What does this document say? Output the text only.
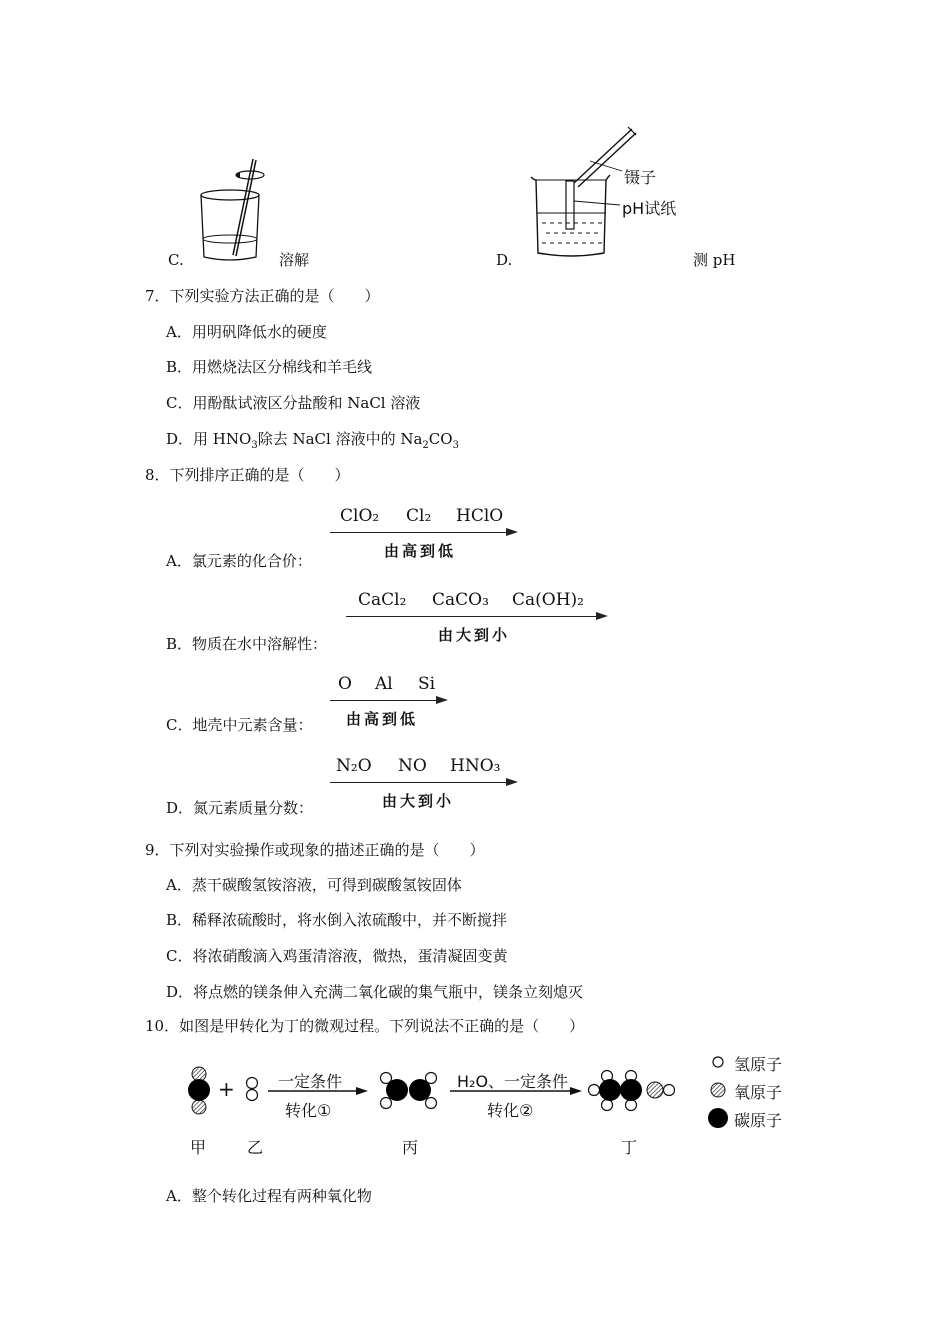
C.	溶解
镊子
pH试纸
D.	测 pH
7．下列实验方法正确的是（　　）
A．用明矾降低水的硬度
B．用燃烧法区分棉线和羊毛线
C．用酚酞试液区分盐酸和 NaCl 溶液
D．用 $HNO_3$除去 NaCl 溶液中的 $Na_2CO_3$
8．下列排序正确的是（　　）
ClO₂ Cl₂ HClO
由高到低
A．氯元素的化合价：
CaCl₂ CaCO₃ Ca(OH)₂
由大到小
B．物质在水中溶解性：
O Al Si
由高到低
C．地壳中元素含量：
N₂O NO HNO₃
由大到小
D．氮元素质量分数：
9．下列对实验操作或现象的描述正确的是（　　）
A．蒸干碳酸氢铵溶液，可得到碳酸氢铵固体
B．稀释浓硫酸时，将水倒入浓硫酸中，并不断搅拌
C．将浓硝酸滴入鸡蛋清溶液，微热，蛋清凝固变黄
D．将点燃的镁条伸入充满二氧化碳的集气瓶中，镁条立刻熄灭
10．如图是甲转化为丁的微观过程。下列说法不正确的是（　　）
+	一定条件
转化①
H₂O、一定条件
转化②
甲	乙	丙	丁
氢原子
氧原子
碳原子
A．整个转化过程有两种氧化物
